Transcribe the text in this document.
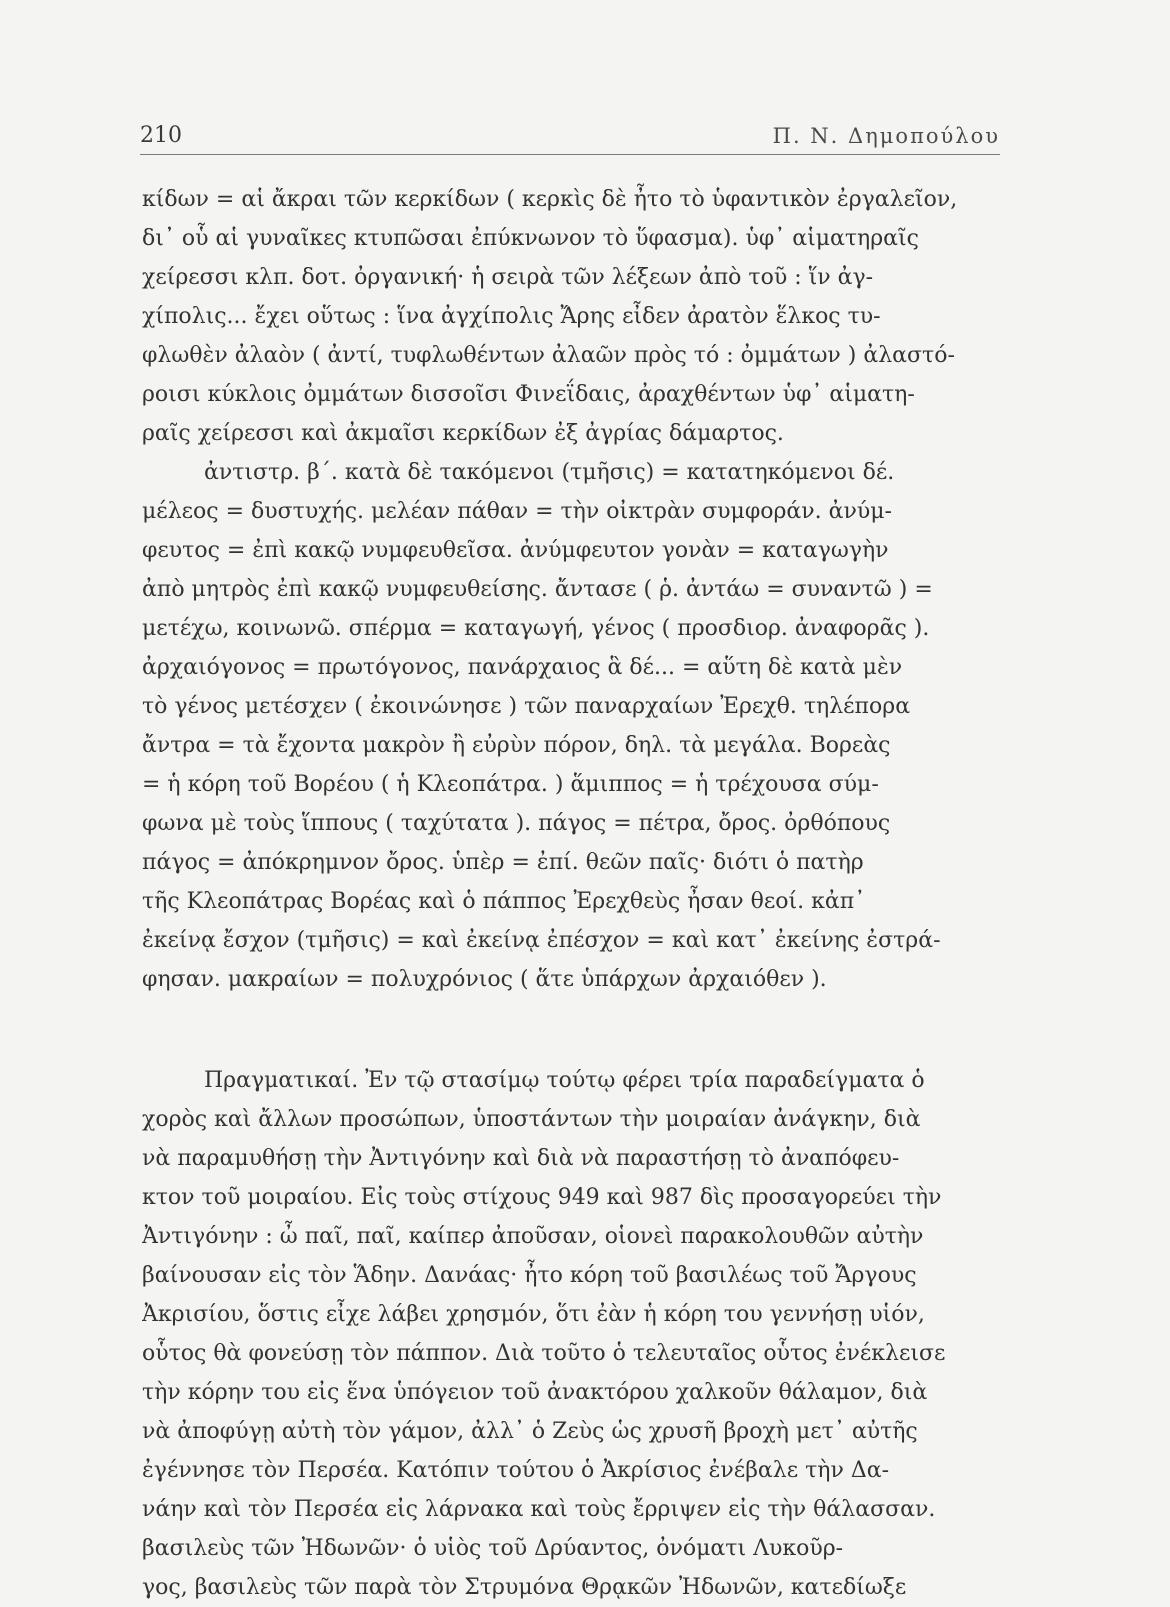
210	Π. Ν. Δημοπούλου
κίδων = αἱ ἄκραι τῶν κερκίδων ( κερκὶς δὲ ἦτο τὸ ὑφαντικὸν ἐργαλεῖον,
δι᾿ οὗ αἱ γυναῖκες κτυπῶσαι ἐπύκνωνον τὸ ὕφασμα). ὑφ᾿ αἱματηραῖς
χείρεσσι κλπ. δοτ. ὀργανική· ἡ σειρὰ τῶν λέξεων ἀπὸ τοῦ : ἵν ἀγ-
χίπολις... ἔχει οὕτως : ἵνα ἀγχίπολις Ἄρης εἶδεν ἀρατὸν ἕλκος τυ-
φλωθὲν ἀλαὸν ( ἀντί, τυφλωθέντων ἀλαῶν πρὸς τό : ὀμμάτων ) ἀλαστό-
ροισι κύκλοις ὀμμάτων δισσοῖσι Φινεΐδαις, ἀραχθέντων ὑφ᾿ αἱματη-
ραῖς χείρεσσι καὶ ἀκμαῖσι κερκίδων ἐξ ἀγρίας δάμαρτος.
ἀντιστρ. β΄. κατὰ δὲ τακόμενοι (τμῆσις) = κατατηκόμενοι δέ.
μέλεος = δυστυχής. μελέαν πάθαν = τὴν οἰκτρὰν συμφοράν. ἀνύμ-
φευτος = ἐπὶ κακῷ νυμφευθεῖσα. ἀνύμφευτον γονὰν = καταγωγὴν
ἀπὸ μητρὸς ἐπὶ κακῷ νυμφευθείσης. ἄντασε ( ῥ. ἀντάω = συναντῶ ) =
μετέχω, κοινωνῶ. σπέρμα = καταγωγή, γένος ( προσδιορ. ἀναφορᾶς ).
ἀρχαιόγονος = πρωτόγονος, πανάρχαιος ἃ δέ... = αὕτη δὲ κατὰ μὲν
τὸ γένος μετέσχεν ( ἐκοινώνησε ) τῶν παναρχαίων Ἐρεχθ. τηλέπορα
ἄντρα = τὰ ἔχοντα μακρὸν ἢ εὐρὺν πόρον, δηλ. τὰ μεγάλα. Βορεὰς
= ἡ κόρη τοῦ Βορέου ( ἡ Κλεοπάτρα. ) ἅμιππος = ἡ τρέχουσα σύμ-
φωνα μὲ τοὺς ἵππους ( ταχύτατα ). πάγος = πέτρα, ὄρος. ὀρθόπους
πάγος = ἀπόκρημνον ὄρος. ὑπὲρ = ἐπί. θεῶν παῖς· διότι ὁ πατὴρ
τῆς Κλεοπάτρας Βορέας καὶ ὁ πάππος Ἐρεχθεὺς ἦσαν θεοί. κἀπ᾿
ἐκείνᾳ ἔσχον (τμῆσις) = καὶ ἐκείνᾳ ἐπέσχον = καὶ κατ᾿ ἐκείνης ἐστρά-
φησαν. μακραίων = πολυχρόνιος ( ἅτε ὑπάρχων ἀρχαιόθεν ).
Πραγματικαί. Ἐν τῷ στασίμῳ τούτῳ φέρει τρία παραδείγματα ὁ
χορὸς καὶ ἄλλων προσώπων, ὑποστάντων τὴν μοιραίαν ἀνάγκην, διὰ
νὰ παραμυθήσῃ τὴν Ἀντιγόνην καὶ διὰ νὰ παραστήσῃ τὸ ἀναπόφευ-
κτον τοῦ μοιραίου. Εἰς τοὺς στίχους 949 καὶ 987 δὶς προσαγορεύει τὴν
Ἀντιγόνην : ὦ παῖ, παῖ, καίπερ ἀποῦσαν, οἱονεὶ παρακολουθῶν αὐτὴν
βαίνουσαν εἰς τὸν Ἅδην. Δανάας· ἦτο κόρη τοῦ βασιλέως τοῦ Ἄργους
Ἀκρισίου, ὅστις εἶχε λάβει χρησμόν, ὅτι ἐὰν ἡ κόρη του γεννήσῃ υἱόν,
οὗτος θὰ φονεύσῃ τὸν πάππον. Διὰ τοῦτο ὁ τελευταῖος οὗτος ἐνέκλεισε
τὴν κόρην του εἰς ἕνα ὑπόγειον τοῦ ἀνακτόρου χαλκοῦν θάλαμον, διὰ
νὰ ἀποφύγῃ αὐτὴ τὸν γάμον, ἀλλ᾿ ὁ Ζεὺς ὡς χρυσῆ βροχὴ μετ᾿ αὐτῆς
ἐγέννησε τὸν Περσέα. Κατόπιν τούτου ὁ Ἀκρίσιος ἐνέβαλε τὴν Δα-
νάην καὶ τὸν Περσέα εἰς λάρνακα καὶ τοὺς ἔρριψεν εἰς τὴν θάλασσαν.
βασιλεὺς τῶν Ἠδωνῶν· ὁ υἱὸς τοῦ Δρύαντος, ὀνόματι Λυκοῦρ-
γος, βασιλεὺς τῶν παρὰ τὸν Στρυμόνα Θρᾳκῶν Ἠδωνῶν, κατεδίωξε
